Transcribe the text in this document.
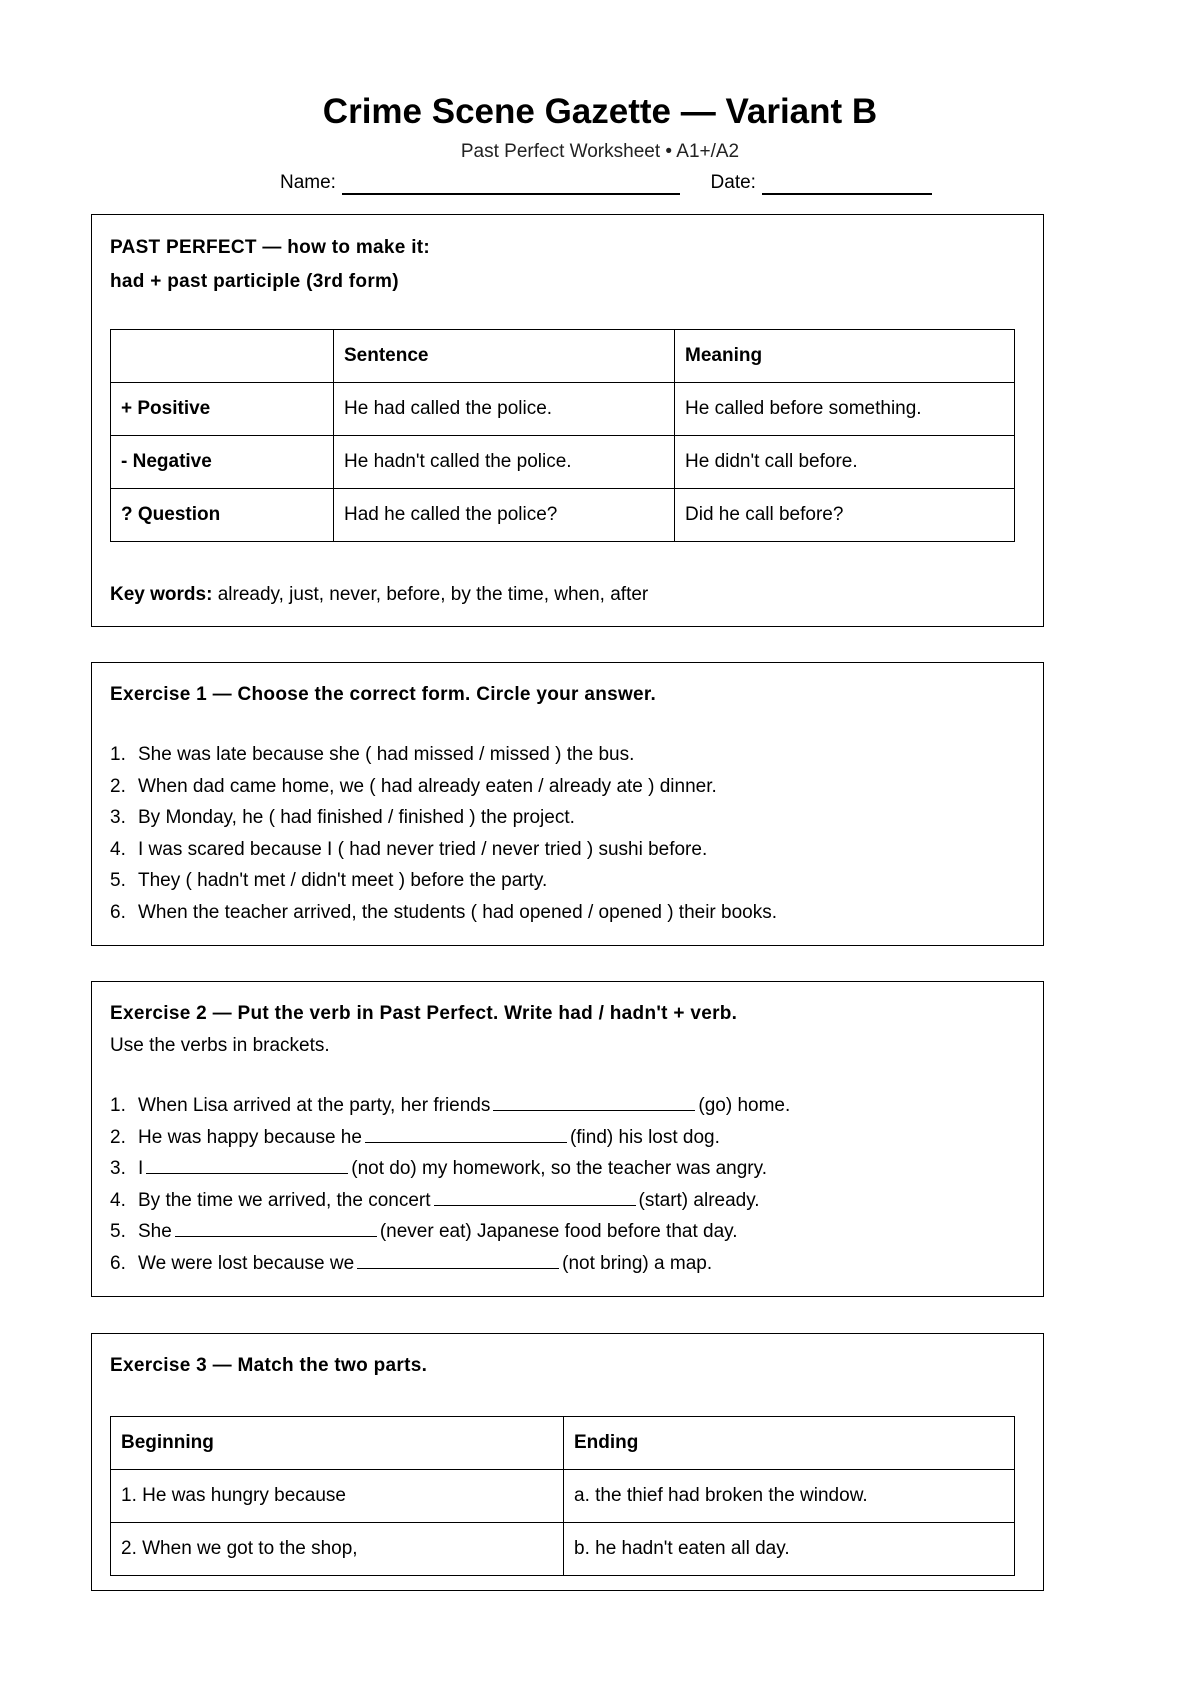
Crime Scene Gazette — Variant B
Past Perfect Worksheet • A1+/A2
Name:	Date:
PAST PERFECT — how to make it:
had + past participle (3rd form)
	Sentence	Meaning
+ Positive	He had called the police.	He called before something.
- Negative	He hadn't called the police.	He didn't call before.
? Question	Had he called the police?	Did he call before?
Key words: already, just, never, before, by the time, when, after
Exercise 1 — Choose the correct form. Circle your answer.
1. She was late because she ( had missed / missed ) the bus.
2. When dad came home, we ( had already eaten / already ate ) dinner.
3. By Monday, he ( had finished / finished ) the project.
4. I was scared because I ( had never tried / never tried ) sushi before.
5. They ( hadn't met / didn't meet ) before the party.
6. When the teacher arrived, the students ( had opened / opened ) their books.
Exercise 2 — Put the verb in Past Perfect. Write had / hadn't + verb.
Use the verbs in brackets.
1. When Lisa arrived at the party, her friends	(go) home.
2. He was happy because he	(find) his lost dog.
3. I	(not do) my homework, so the teacher was angry.
4. By the time we arrived, the concert	(start) already.
5. She	(never eat) Japanese food before that day.
6. We were lost because we	(not bring) a map.
Exercise 3 — Match the two parts.
Beginning	Ending
1. He was hungry because	a. the thief had broken the window.
2. When we got to the shop,	b. he hadn't eaten all day.
